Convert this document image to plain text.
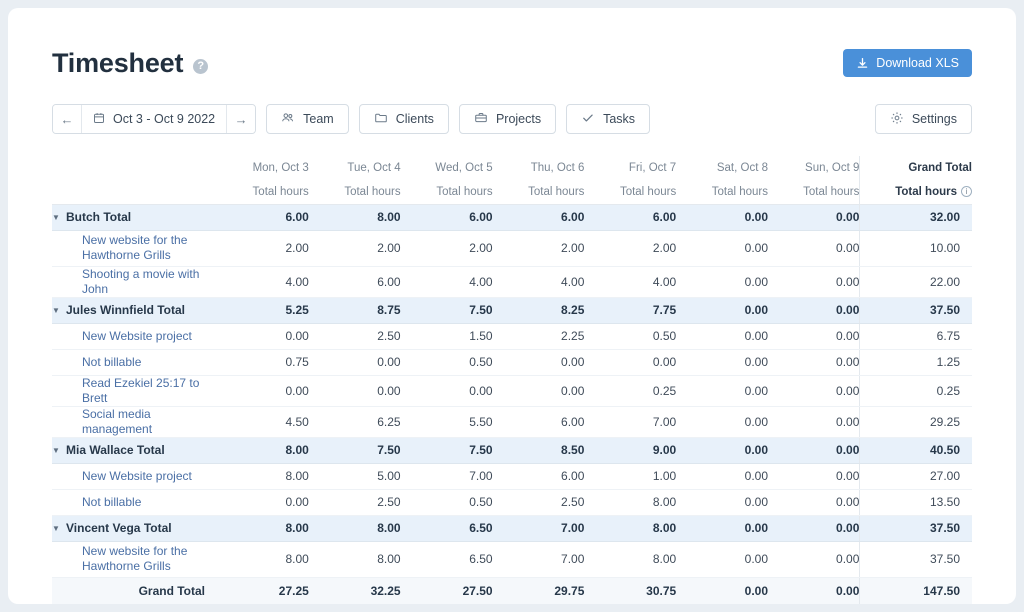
Timesheet	?	Download XLS
←	Oct 3 - Oct 9 2022	→	Team	Clients	Projects	Tasks	Settings
	Mon, Oct 3	Tue, Oct 4	Wed, Oct 5	Thu, Oct 6	Fri, Oct 7	Sat, Oct 8	Sun, Oct 9	Grand Total
	Total hours	Total hours	Total hours	Total hours	Total hours	Total hours	Total hours	Total hours i
▼ Butch Total	6.00	8.00	6.00	6.00	6.00	0.00	0.00	32.00
New website for the Hawthorne Grills	2.00	2.00	2.00	2.00	2.00	0.00	0.00	10.00
Shooting a movie with John	4.00	6.00	4.00	4.00	4.00	0.00	0.00	22.00
▼ Jules Winnfield Total	5.25	8.75	7.50	8.25	7.75	0.00	0.00	37.50
New Website project	0.00	2.50	1.50	2.25	0.50	0.00	0.00	6.75
Not billable	0.75	0.00	0.50	0.00	0.00	0.00	0.00	1.25
Read Ezekiel 25:17 to Brett	0.00	0.00	0.00	0.00	0.25	0.00	0.00	0.25
Social media management	4.50	6.25	5.50	6.00	7.00	0.00	0.00	29.25
▼ Mia Wallace Total	8.00	7.50	7.50	8.50	9.00	0.00	0.00	40.50
New Website project	8.00	5.00	7.00	6.00	1.00	0.00	0.00	27.00
Not billable	0.00	2.50	0.50	2.50	8.00	0.00	0.00	13.50
▼ Vincent Vega Total	8.00	8.00	6.50	7.00	8.00	0.00	0.00	37.50
New website for the Hawthorne Grills	8.00	8.00	6.50	7.00	8.00	0.00	0.00	37.50
Grand Total	27.25	32.25	27.50	29.75	30.75	0.00	0.00	147.50
